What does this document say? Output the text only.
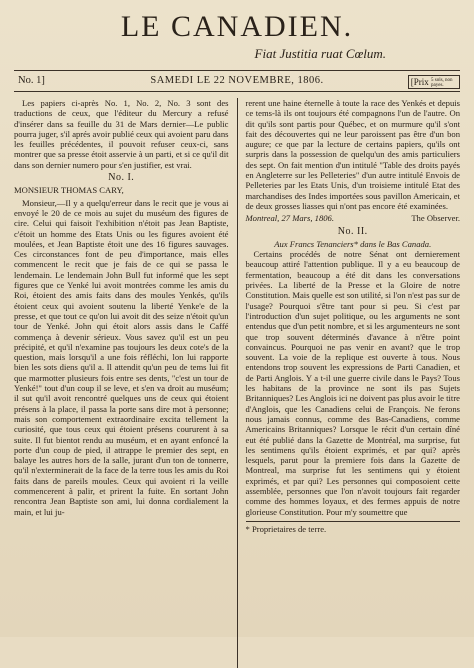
LE CANADIEN.
Fiat Justitia ruat Cœlum.
No. 1]	SAMEDI LE 22 NOVEMBRE, 1806.	[Prix 5 sols, non payes.

Les papiers ci-après No. 1, No. 2, No. 3 sont des traductions de ceux, que l'éditeur du Mercury a refusé d'insérer dans sa feuille du 31 de Mars dernier—Le public pourra juger, s'il aprés avoir publié ceux qui avoient paru dans les feuilles précédentes, il pouvoit refuser ceux-ci, sans montrer que sa presse étoit asservie à un parti, et si ce qu'il dit dans son dernier numero pour s'en justifier, est vrai.

No. I.
MONSIEUR THOMAS CARY,

Monsieur,—Il y a quelqu'erreur dans le recit que je vous ai envoyé le 20 de ce mois au sujet du muséum des figures de cire. Celui qui faisoit l'exhibition n'étoit pas Jean Baptiste, c'étoit un homme des Etats Unis ou les figures avoient été moulées, et Jean Baptiste étoit une des 16 figures sauvages. Ces circonstances font de peu d'importance, mais elles commencent le recit que je fais de ce qui se passa le lendemain. Le lendemain John Bull fut informé que les sept figures que ce Yenké lui avoit montrées comme les amis du Roi, étoient des amis faits dans des moules Yenkés, qu'ils étoient ceux qui avoient soutenu la liberté Yenke'e de la presse, et que tout ce qu'on lui avoit dit des seize n'étoit qu'un tour de Yenké. John qui étoit alors assis dans le Caffé commença à devenir sérieux. Vous savez qu'il est un peu précipité, et qu'il n'examine pas toujours les deux cote's de la question, mais lorsqu'il a une fois réfléchi, lon lui rapporte bien les sots diens qu'il a. Il attendit qu'un peu de tems lui fit que marmotter plusieurs fois entre ses dents, "c'est un tour de Yenké!" tout d'un coup il se leve, et s'en va droit au muséum; il sut qu'il avoit rencontré quelques uns de ceux qui étoient présens à la place, il passa la porte sans dire mot à personne; mais son comportement extraordinaire excita tellement la curiosité, que tous ceux qui étoient présens coururent à sa suite. Il fut bientot rendu au muséum, et en ayant enfoncé la porte d'un coup de pied, il attrappe le premier des sept, en balaye les autres hors de la salle, jurant d'un ton de tonnerre, qu'il n'exterminerait de la face de la terre tous les amis du Roi faits dans de pareils moules. Ceux qui avoient ri la veille commencerent à palir, et prirent la fuite. En sortant John rencontra Jean Baptiste son ami, lui donna cordialement la main, et lui ju-

rerent une haine éternelle à toute la race des Yenkés et depuis ce tems-là ils ont toujours été compagnons l'un de l'autre. On dit qu'ils sont partis pour Québec, et on murmure qu'il s'ont fait des découvertes qui ne leur paroissent pas être d'un bon augure; ce que par la lecture de certains papiers, qu'ils ont surpris dans la possession de quelqu'un des amis particuliers des sept. On fait mention d'un intitulé "Table des droits payés en Angleterre sur les Pelleteries" d'un autre intitulé Envois de Pelleteries par les Etats Unis, d'un troisieme intitulé Etat des marchandises des Indes importées sous pavillon Americain, et de deux grosses liasses qui n'ont pas encore été examinées.

Montreal, 27 Mars, 1806.	The Observer.
No. II.
Aux Francs Tenanciers* dans le Bas Canada.

Certains procédés de notre Sénat ont dernierement beaucoup attiré l'attention publique. Il y a eu beaucoup de fermentation, beaucoup a été dit dans les conversations privées. La liberté de la Presse et la Gloire de notre Constitution. Mais quelle est son utilité, si l'on n'est pas sur de l'usage? Pourquoi s'être tant pour si peu. Si c'est par l'introduction d'un sujet politique, ou les arguments ne sont entendus que d'un petit nombre, et si les argumenteurs ne sont que trop souvent déterminés d'avance à n'être point convaincus. Pourquoi ne pas venir en avant? que le trop souvent. La voie de la replique est ouverte à tous. Nous entendons trop souvent les expressions de Parti Canadien, et de Parti Anglois. Y a t-il une guerre civile dans le Pays? Tous les habitans de la province ne sont ils pas Sujets Britanniques? Les Anglois ici ne doivent pas plus avoir le titre d'Anglois, que les Canadiens celui de François. Ne ferons nous jamais connus, comme des Bas-Canadiens, comme Americains Britanniques? Lorsque le récit d'un certain dîné eut été publié dans la Gazette de Montréal, ma surprise, fut les sentimens qu'ils étoient exprimés, et par qui? après lesquels, parut pour la premiere fois dans la Gazette de Montreal, ma surprise fut les sentimens qui y étoient exprimés, et par qui? Les personnes qui composoient cette assemblée, personnes que l'on n'avoit toujours fait regarder comme des hommes loyaux, et des fermes appuis de notre glorieuse Constitution. Pour m'y soumettre que

* Proprietaires de terre.
